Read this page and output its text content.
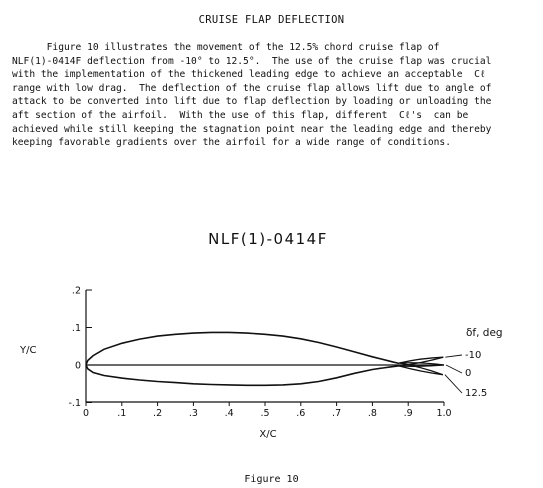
CRUISE FLAP DEFLECTION
Figure 10 illustrates the movement of the 12.5% chord cruise flap of
NLF(1)-0414F deflection from -10° to 12.5°.  The use of the cruise flap was crucial
with the implementation of the thickened leading edge to achieve an acceptable  Cℓ
range with low drag.  The deflection of the cruise flap allows lift due to angle of
attack to be converted into lift due to flap deflection by loading or unloading the
aft section of the airfoil.  With the use of this flap, different  Cℓ's  can be
achieved while still keeping the stagnation point near the leading edge and thereby
keeping favorable gradients over the airfoil for a wide range of conditions.
NLF(1)-0414F
Y/C
X/C
0	.1	.2	.3	.4	.5	.6	.7	.8	.9 1.0
.2
.1
0
-.1
-10
0
12.5
δf, deg
Figure 10
